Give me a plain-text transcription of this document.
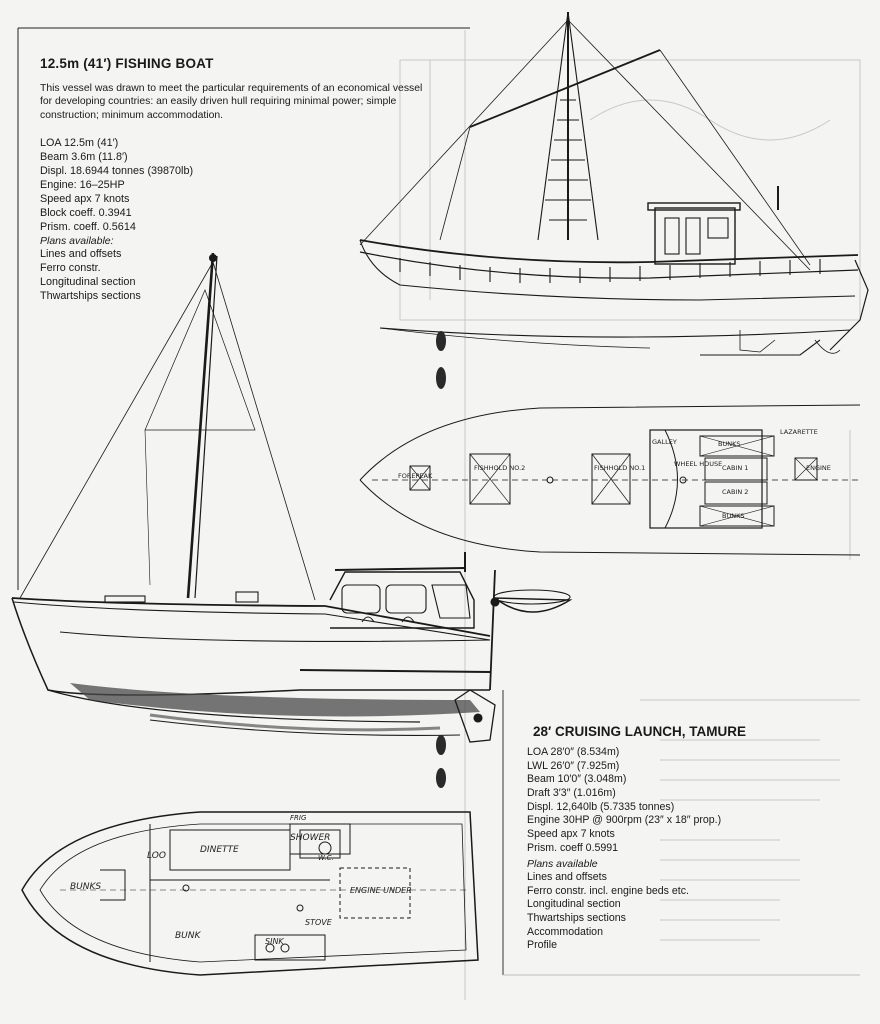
FISHHOLD NO.2	FISHHOLD NO.1
FOREPEAK
GALLEY
WHEEL HOUSE
BUNKS
CABIN 1
CABIN 2
BUNKS
LAZARETTE
ENGINE
LOO
DINETTE
SHOWER
W.C.
BUNKS
BUNK
ENGINE UNDER
STOVE
SINK
FRIG
12.5m (41′) FISHING BOAT
This vessel was drawn to meet the particular requirements of an economical vessel for developing countries: an easily driven hull requiring minimal power; simple construction; minimum accommodation.
LOA 12.5m (41′)
Beam 3.6m (11.8′)
Displ. 18.6944 tonnes (39870lb)
Engine: 16–25HP
Speed apx 7 knots
Block coeff. 0.3941
Prism. coeff. 0.5614
Plans available:
Lines and offsets
Ferro constr.
Longitudinal section
Thwartships sections
28′ CRUISING LAUNCH, TAMURE
LOA 28′0″ (8.534m)
LWL 26′0″ (7.925m)
Beam 10′0″ (3.048m)
Draft 3′3″ (1.016m)
Displ. 12,640lb (5.7335 tonnes)
Engine 30HP @ 900rpm (23″ x 18″ prop.)
Speed apx 7 knots
Prism. coeff 0.5991
Plans available
Lines and offsets
Ferro constr. incl. engine beds etc.
Longitudinal section
Thwartships sections
Accommodation
Profile
